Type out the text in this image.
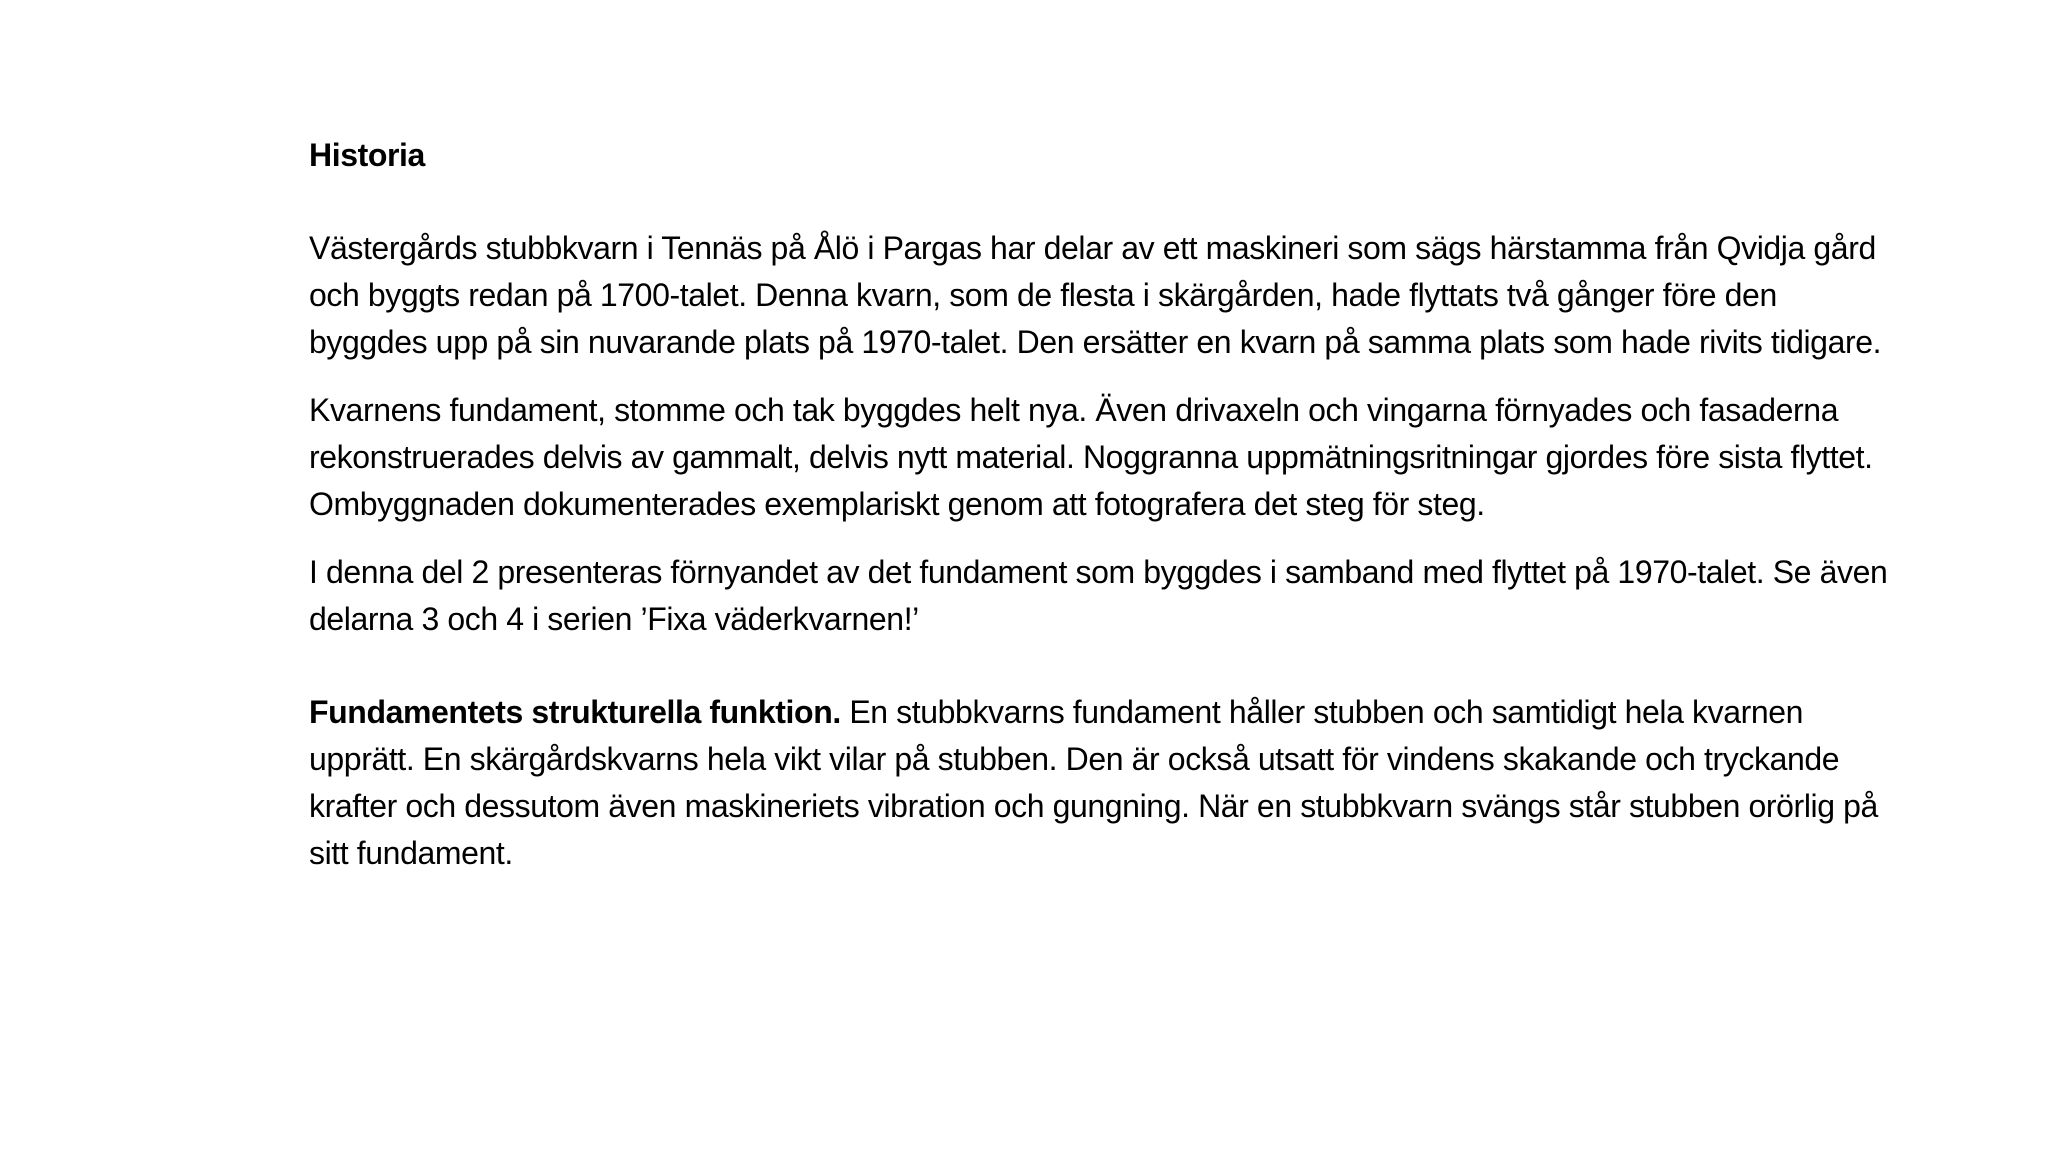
Historia

Västergårds stubbkvarn i Tennäs på Ålö i Pargas har delar av ett maskineri som sägs härstamma från Qvidja gård och byggts redan på 1700-talet. Denna kvarn, som de flesta i skärgården, hade flyttats två gånger före den byggdes upp på sin nuvarande plats på 1970-talet. Den ersätter en kvarn på samma plats som hade rivits tidigare.

Kvarnens fundament, stomme och tak byggdes helt nya. Även drivaxeln och vingarna förnyades och fasaderna rekonstruerades delvis av gammalt, delvis nytt material. Noggranna uppmätningsritningar gjordes före sista flyttet. Ombyggnaden dokumenterades exemplariskt genom att fotografera det steg för steg.

I denna del 2 presenteras förnyandet av det fundament som byggdes i samband med flyttet på 1970-talet. Se även delarna 3 och 4 i serien ’Fixa väderkvarnen!’

Fundamentets strukturella funktion. En stubbkvarns fundament håller stubben och samtidigt hela kvarnen upprätt. En skärgårdskvarns hela vikt vilar på stubben. Den är också utsatt för vindens skakande och tryckande krafter och dessutom även maskineriets vibration och gungning. När en stubbkvarn svängs står stubben orörlig på sitt fundament.
